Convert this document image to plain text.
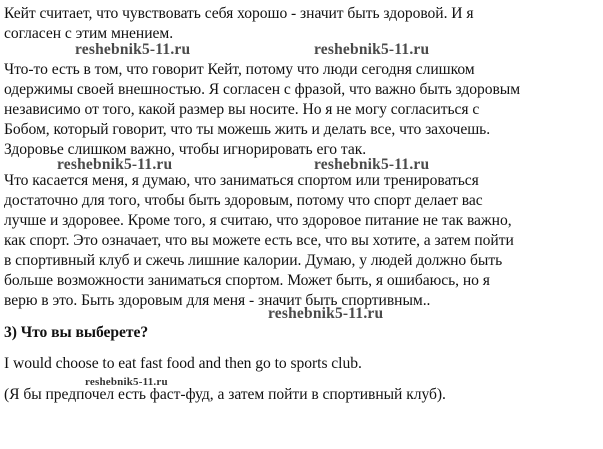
Кейт считает, что чувствовать себя хорошо - значит быть здоровой. И я
согласен с этим мнением.
Что-то есть в том, что говорит Кейт, потому что люди сегодня слишком
одержимы своей внешностью. Я согласен с фразой, что важно быть здоровым
независимо от того, какой размер вы носите. Но я не могу согласиться с
Бобом, который говорит, что ты можешь жить и делать все, что захочешь.
Здоровье слишком важно, чтобы игнорировать его так.
Что касается меня, я думаю, что заниматься спортом или тренироваться
достаточно для того, чтобы быть здоровым, потому что спорт делает вас
лучше и здоровее. Кроме того, я считаю, что здоровое питание не так важно,
как спорт. Это означает, что вы можете есть все, что вы хотите, а затем пойти
в спортивный клуб и сжечь лишние калории. Думаю, у людей должно быть
больше возможности заниматься спортом. Может быть, я ошибаюсь, но я
верю в это. Быть здоровым для меня - значит быть спортивным..
3) Что вы выберете?
I would choose to eat fast food and then go to sports club.
(Я бы предпочел есть фаст-фуд, а затем пойти в спортивный клуб).
reshebnik5-11.ru	reshebnik5-11.ru
reshebnik5-11.ru	reshebnik5-11.ru
reshebnik5-11.ru
reshebnik5-11.ru
